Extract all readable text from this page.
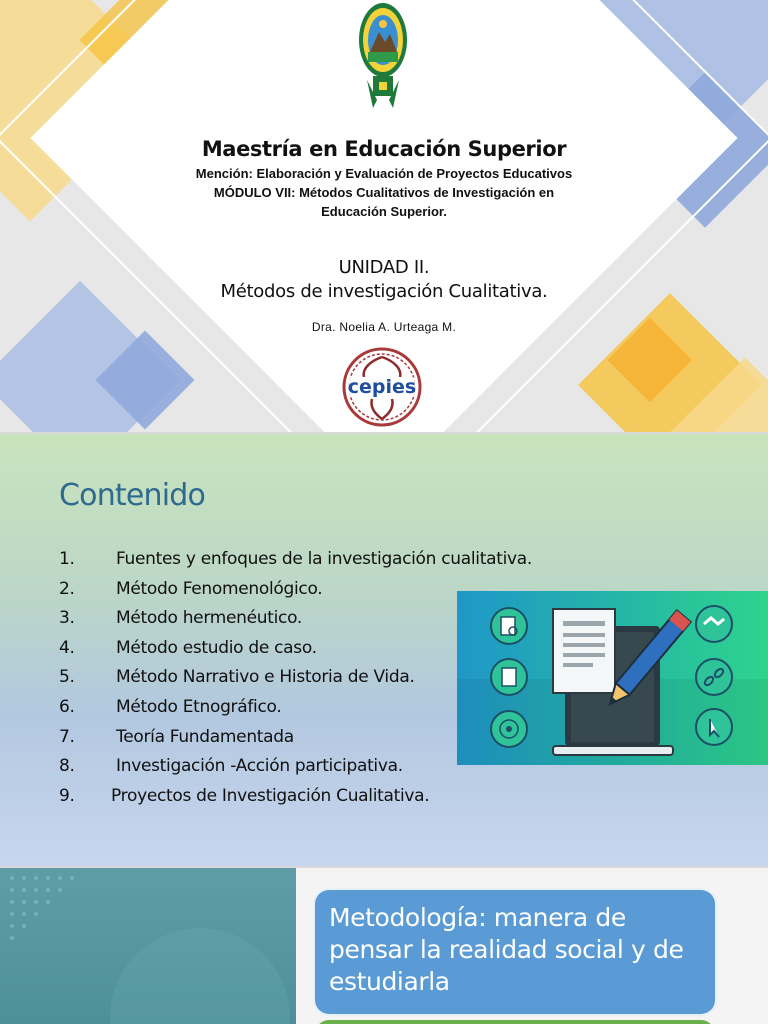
Maestría en Educación Superior
Mención: Elaboración y Evaluación de Proyectos Educativos
MÓDULO VII: Métodos Cualitativos de Investigación en
Educación Superior.
UNIDAD II.
Métodos de investigación Cualitativa.
Dra. Noelia A. Urteaga M.
cepies
Contenido
1. Fuentes y enfoques de la investigación cualitativa.
2. Método Fenomenológico.
3. Método hermenéutico.
4. Método estudio de caso.
5. Método Narrativo e Historia de Vida.
6. Método Etnográfico.
7. Teoría Fundamentada
8. Investigación -Acción participativa.
9. Proyectos de Investigación Cualitativa.
Metodología: manera de pensar la realidad social y de estudiarla
